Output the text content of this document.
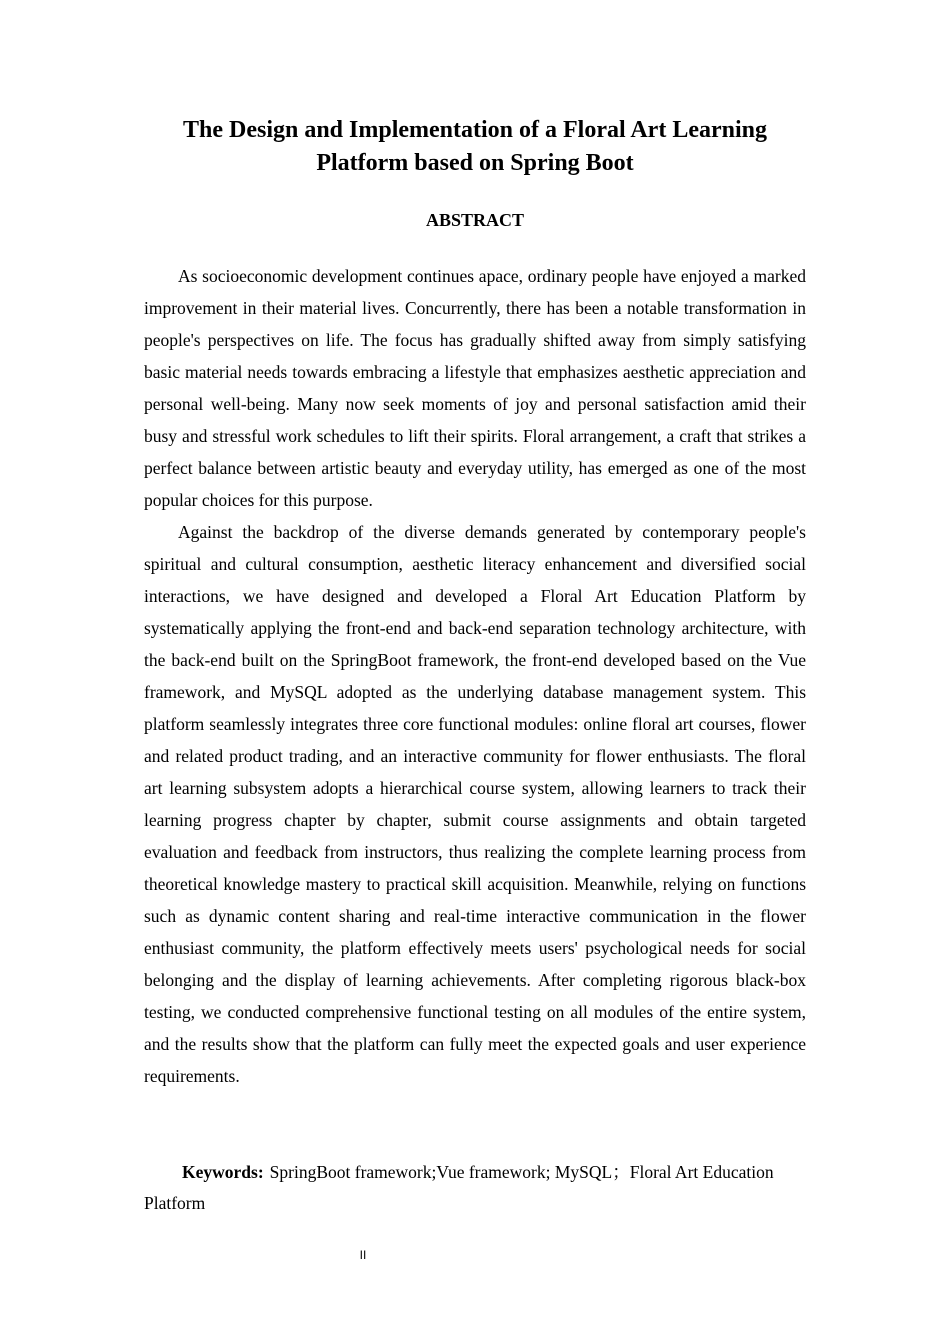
The Design and Implementation of a Floral Art Learning
Platform based on Spring Boot
ABSTRACT

As socioeconomic development continues apace, ordinary people have enjoyed a marked improvement in their material lives. Concurrently, there has been a notable transformation in people's perspectives on life. The focus has gradually shifted away from simply satisfying basic material needs towards embracing a lifestyle that emphasizes aesthetic appreciation and personal well-being. Many now seek moments of joy and personal satisfaction amid their busy and stressful work schedules to lift their spirits. Floral arrangement, a craft that strikes a perfect balance between artistic beauty and everyday utility, has emerged as one of the most popular choices for this purpose.

Against the backdrop of the diverse demands generated by contemporary people's spiritual and cultural consumption, aesthetic literacy enhancement and diversified social interactions, we have designed and developed a Floral Art Education Platform by systematically applying the front-end and back-end separation technology architecture, with the back-end built on the SpringBoot framework, the front-end developed based on the Vue framework, and MySQL adopted as the underlying database management system. This platform seamlessly integrates three core functional modules: online floral art courses, flower and related product trading, and an interactive community for flower enthusiasts. The floral art learning subsystem adopts a hierarchical course system, allowing learners to track their learning progress chapter by chapter, submit course assignments and obtain targeted evaluation and feedback from instructors, thus realizing the complete learning process from theoretical knowledge mastery to practical skill acquisition. Meanwhile, relying on functions such as dynamic content sharing and real-time interactive communication in the flower enthusiast community, the platform effectively meets users' psychological needs for social belonging and the display of learning achievements. After completing rigorous black-box testing, we conducted comprehensive functional testing on all modules of the entire system, and the results show that the platform can fully meet the expected goals and user experience requirements.

Keywords: SpringBoot framework;Vue framework; MySQL；Floral Art Education Platform
II
